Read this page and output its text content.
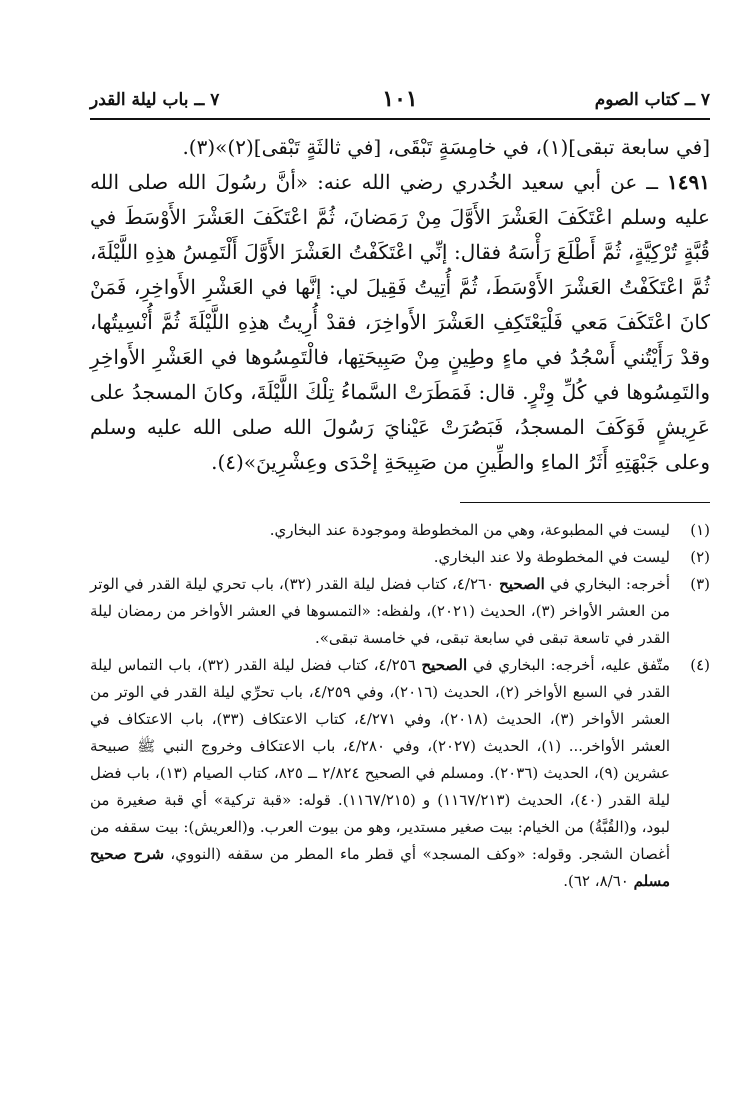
٧ ــ كتاب الصوم
١٠١
٧ ــ باب ليلة القدر

[في سابعة تبقى](١)، في خامِسَةٍ تَبْقَى، [في ثالثَةٍ تَبْقى](٢)»(٣).

١٤٩١ ــ عن أبي سعيد الخُدري رضي الله عنه: «أنَّ رسُولَ الله صلى الله عليه وسلم اعْتَكَفَ العَشْرَ الأَوَّلَ مِنْ رَمَضانَ، ثُمَّ اعْتَكَفَ العَشْرَ الأَوْسَطَ في قُبَّةٍ تُرْكِيَّةٍ، ثُمَّ أَطْلَعَ رَأْسَهُ فقال: إنِّي اعْتَكَفْتُ العَشْرَ الأَوَّلَ أَلْتَمِسُ هذِهِ اللَّيْلَةَ، ثُمَّ اعْتَكَفْتُ العَشْرَ الأَوْسَطَ، ثُمَّ أُتِيتُ فَقِيلَ لي: إنَّها في العَشْرِ الأَواخِرِ، فَمَنْ كانَ اعْتَكَفَ مَعي فَلْيَعْتَكِفِ العَشْرَ الأَواخِرَ، فقدْ أُرِيتُ هذِهِ اللَّيْلَةَ ثُمَّ أُنْسِيتُها، وقدْ رَأَيْتُني أَسْجُدُ في ماءٍ وطِينٍ مِنْ صَبِيحَتِها، فالْتَمِسُوها في العَشْرِ الأَواخِرِ والتَمِسُوها في كُلِّ وِتْرٍ. قال: فَمَطَرَتْ السَّماءُ تِلْكَ اللَّيْلَةَ، وكانَ المسجدُ على عَرِيشٍ فَوَكَفَ المسجدُ، فَبَصُرَتْ عَيْنايَ رَسُولَ الله صلى الله عليه وسلم وعلى جَبْهَتِهِ أَثَرُ الماءِ والطِّينِ من صَبِيحَةِ إحْدَى وعِشْرِينَ»(٤).

(١)
ليست في المطبوعة، وهي من المخطوطة وموجودة عند البخاري.
(٢)
ليست في المخطوطة ولا عند البخاري.
(٣)
أخرجه: البخاري في الصحيح ٤/٢٦٠، كتاب فضل ليلة القدر (٣٢)، باب تحري ليلة القدر في الوتر من العشر الأواخر (٣)، الحديث (٢٠٢١)، ولفظه: «التمسوها في العشر الأواخر من رمضان ليلة القدر في تاسعة تبقى في سابعة تبقى، في خامسة تبقى».
(٤)
متّفق عليه، أخرجه: البخاري في الصحيح ٤/٢٥٦، كتاب فضل ليلة القدر (٣٢)، باب التماس ليلة القدر في السبع الأواخر (٢)، الحديث (٢٠١٦)، وفي ٤/٢٥٩، باب تحرِّي ليلة القدر في الوتر من العشر الأواخر (٣)، الحديث (٢٠١٨)، وفي ٤/٢٧١، كتاب الاعتكاف (٣٣)، باب الاعتكاف في العشر الأواخر... (١)، الحديث (٢٠٢٧)، وفي ٤/٢٨٠، باب الاعتكاف وخروج النبي ﷺ صبيحة عشرين (٩)، الحديث (٢٠٣٦). ومسلم في الصحيح ٢/٨٢٤ ــ ٨٢٥، كتاب الصيام (١٣)، باب فضل ليلة القدر (٤٠)، الحديث (١١٦٧/٢١٣) و (١١٦٧/٢١٥). قوله: «قبة تركية» أي قبة صغيرة من لبود، و(القُبَّةُ) من الخيام: بيت صغير مستدير، وهو من بيوت العرب. و(العريش): بيت سقفه من أغصان الشجر. وقوله: «وكف المسجد» أي قطر ماء المطر من سقفه (النووي، شرح صحيح مسلم ٨/٦٠، ٦٢).
